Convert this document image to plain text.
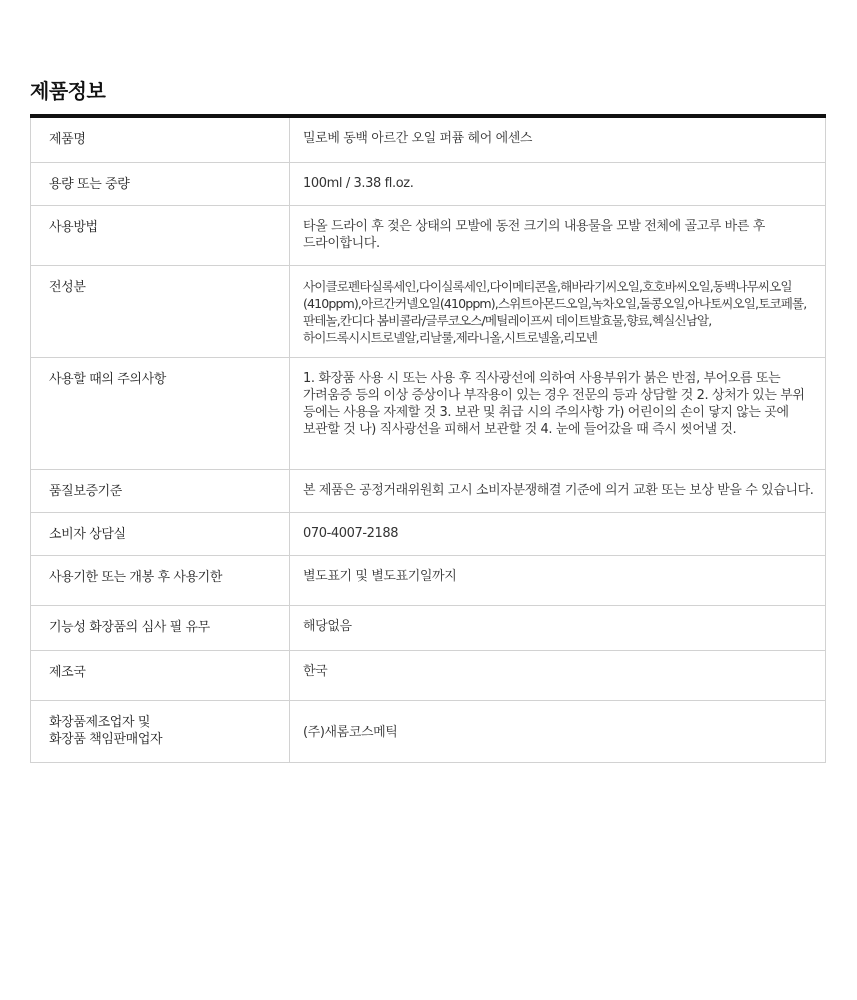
제품정보
제품명	밀로베 동백 아르간 오일 퍼퓸 헤어 에센스
용량 또는 중량	100ml / 3.38 fl.oz.
사용방법	타올 드라이 후 젖은 상태의 모발에 동전 크기의 내용물을 모발 전체에 골고루 바른 후 드라이합니다.
전성분	사이클로펜타실록세인,다이실록세인,다이메티콘올,해바라기씨오일,호호바씨오일,동백나무씨오일(410ppm),아르간커넬오일(410ppm),스위트아몬드오일,녹차오일,돌콩오일,아나토씨오일,토코페롤,판테놀,칸디다 봄비콜라/글루코오스/메틸레이프씨 데이트발효물,향료,헥실신남알,하이드록시시트로넬알,리날룰,제라니올,시트로넬올,리모넨
사용할 때의 주의사항	1. 화장품 사용 시 또는 사용 후 직사광선에 의하여 사용부위가 붉은 반점, 부어오름 또는 가려움증 등의 이상 증상이나 부작용이 있는 경우 전문의 등과 상담할 것 2. 상처가 있는 부위 등에는 사용을 자제할 것 3. 보관 및 취급 시의 주의사항 가) 어린이의 손이 닿지 않는 곳에 보관할 것 나) 직사광선을 피해서 보관할 것 4. 눈에 들어갔을 때 즉시 씻어낼 것.
품질보증기준	본 제품은 공정거래위원회 고시 소비자분쟁해결 기준에 의거 교환 또는 보상 받을 수 있습니다.
소비자 상담실	070-4007-2188
사용기한 또는 개봉 후 사용기한	별도표기 및 별도표기일까지
기능성 화장품의 심사 필 유무	해당없음
제조국	한국

화장품제조업자 및
화장품 책임판매업자	(주)새롬코스메틱
